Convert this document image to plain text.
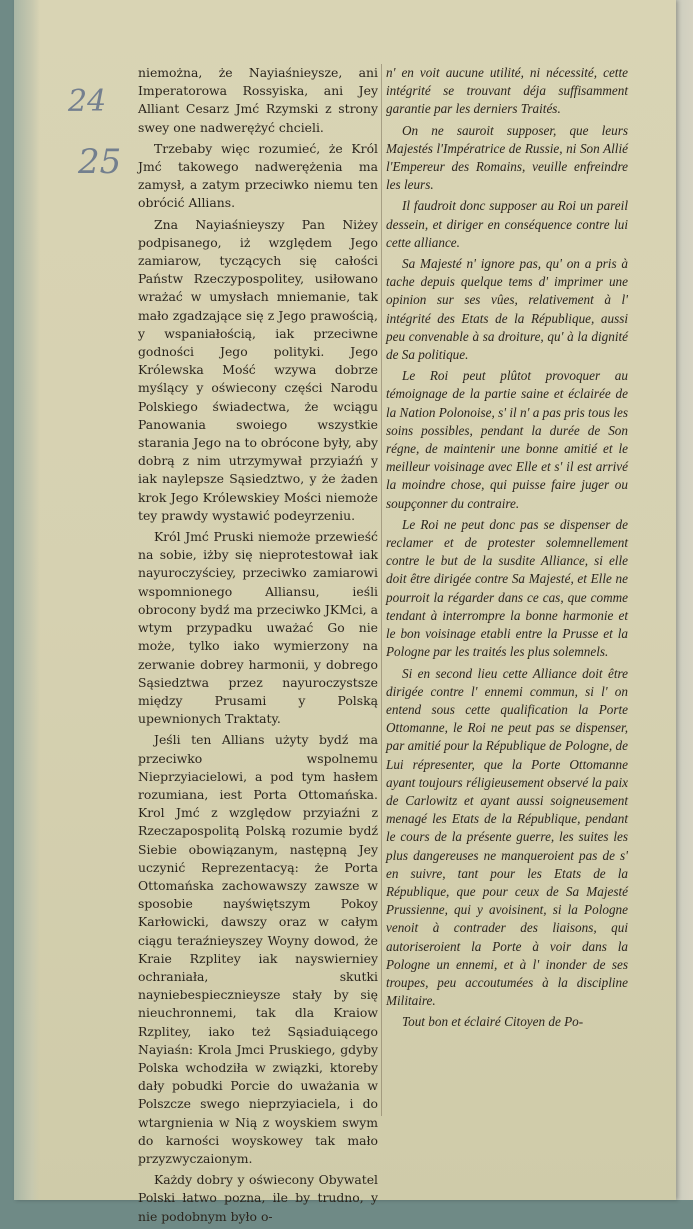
24
25

niemożna, że Nayiaśnieysze, ani Imperatorowa Rossyiska, ani Jey Alliant Cesarz Jmć Rzymski z strony swey one nadwerężyć chcieli.

Trzebaby więc rozumieć, że Król Jmć takowego nadwerężenia ma zamysł, a zatym przeciwko niemu ten obrócić Allians.

Zna Nayiaśnieyszy Pan Niżey podpisanego, iż względem Jego zamiarow, tyczących się całości Państw Rzeczypospolitey, usiłowano wrażać w umysłach mniemanie, tak mało zgadzające się z Jego prawością, y wspaniałością, iak przeciwne godności Jego polityki. Jego Królewska Mość wzywa dobrze myślący y oświecony części Narodu Polskiego świadectwa, że wciągu Panowania swoiego wszystkie starania Jego na to obrócone były, aby dobrą z nim utrzymywał przyiaźń y iak naylepsze Sąsiedztwo, y że żaden krok Jego Królewskiey Mości niemoże tey prawdy wystawić podeyrzeniu.

Król Jmć Pruski niemoże przewieść na sobie, iżby się nieprotestował iak nayuroczyściey, przeciwko zamiarowi wspomnionego Alliansu, ieśli obrocony bydź ma przeciwko JKMci, a wtym przypadku uważać Go nie może, tylko iako wymierzony na zerwanie dobrey harmonii, y dobrego Sąsiedztwa przez nayuroczystsze między Prusami y Polską upewnionych Traktaty.

Jeśli ten Allians użyty bydź ma przeciwko wspolnemu Nieprzyiacielowi, a pod tym hasłem rozumiana, iest Porta Ottomańska. Krol Jmć z względow przyiaźni z Rzeczapospolitą Polską rozumie bydź Siebie obowiązanym, następną Jey uczynić Reprezentacyą: że Porta Ottomańska zachowawszy zawsze w sposobie nayświętszym Pokoy Karłowicki, dawszy oraz w całym ciągu teraźnieyszey Woyny dowod, że Kraie Rzplitey iak nayswierniey ochraniała, skutki nayniebespiecznieysze stały by się nieuchronnemi, tak dla Kraiow Rzplitey, iako też Sąsiaduiącego Nayiaśn: Krola Jmci Pruskiego, gdyby Polska wchodziła w związki, ktoreby dały pobudki Porcie do uważania w Polszcze swego nieprzyiaciela, i do wtargnienia w Nią z woyskiem swym do karności woyskowey tak mało przyzwyczaionym.

Każdy dobry y oświecony Obywatel Polski łatwo pozna, ile by trudno, y nie podobnym było o-

n' en voit aucune utilité, ni nécessité, cette intégrité se trouvant déja suffisamment garantie par les derniers Traités.

On ne sauroit supposer, que leurs Majestés l'Impératrice de Russie, ni Son Allié l'Empereur des Romains, veuille enfreindre les leurs.

Il faudroit donc supposer au Roi un pareil dessein, et diriger en conséquence contre lui cette alliance.

Sa Majesté n' ignore pas, qu' on a pris à tache depuis quelque tems d' imprimer une opinion sur ses vûes, relativement à l' intégrité des Etats de la République, aussi peu convenable à sa droiture, qu' à la dignité de Sa politique.

Le Roi peut plûtot provoquer au témoignage de la partie saine et éclairée de la Nation Polonoise, s' il n' a pas pris tous les soins possibles, pendant la durée de Son régne, de maintenir une bonne amitié et le meilleur voisinage avec Elle et s' il est arrivé la moindre chose, qui puisse faire juger ou soupçonner du contraire.

Le Roi ne peut donc pas se dispenser de reclamer et de protester solemnellement contre le but de la susdite Alliance, si elle doit être dirigée contre Sa Majesté, et Elle ne pourroit la régarder dans ce cas, que comme tendant à interrompre la bonne harmonie et le bon voisinage etabli entre la Prusse et la Pologne par les traités les plus solemnels.

Si en second lieu cette Alliance doit être dirigée contre l' ennemi commun, si l' on entend sous cette qualification la Porte Ottomanne, le Roi ne peut pas se dispenser, par amitié pour la République de Pologne, de Lui répresenter, que la Porte Ottomanne ayant toujours réligieusement observé la paix de Carlowitz et ayant aussi soigneusement menagé les Etats de la République, pendant le cours de la présente guerre, les suites les plus dangereuses ne manqueroient pas de s' en suivre, tant pour les Etats de la République, que pour ceux de Sa Majesté Prussienne, qui y avoisinent, si la Pologne venoit à contrader des liaisons, qui autoriseroient la Porte à voir dans la Pologne un ennemi, et à l' inonder de ses troupes, peu accoutumées à la discipline Militaire.

Tout bon et éclairé Citoyen de Po-
